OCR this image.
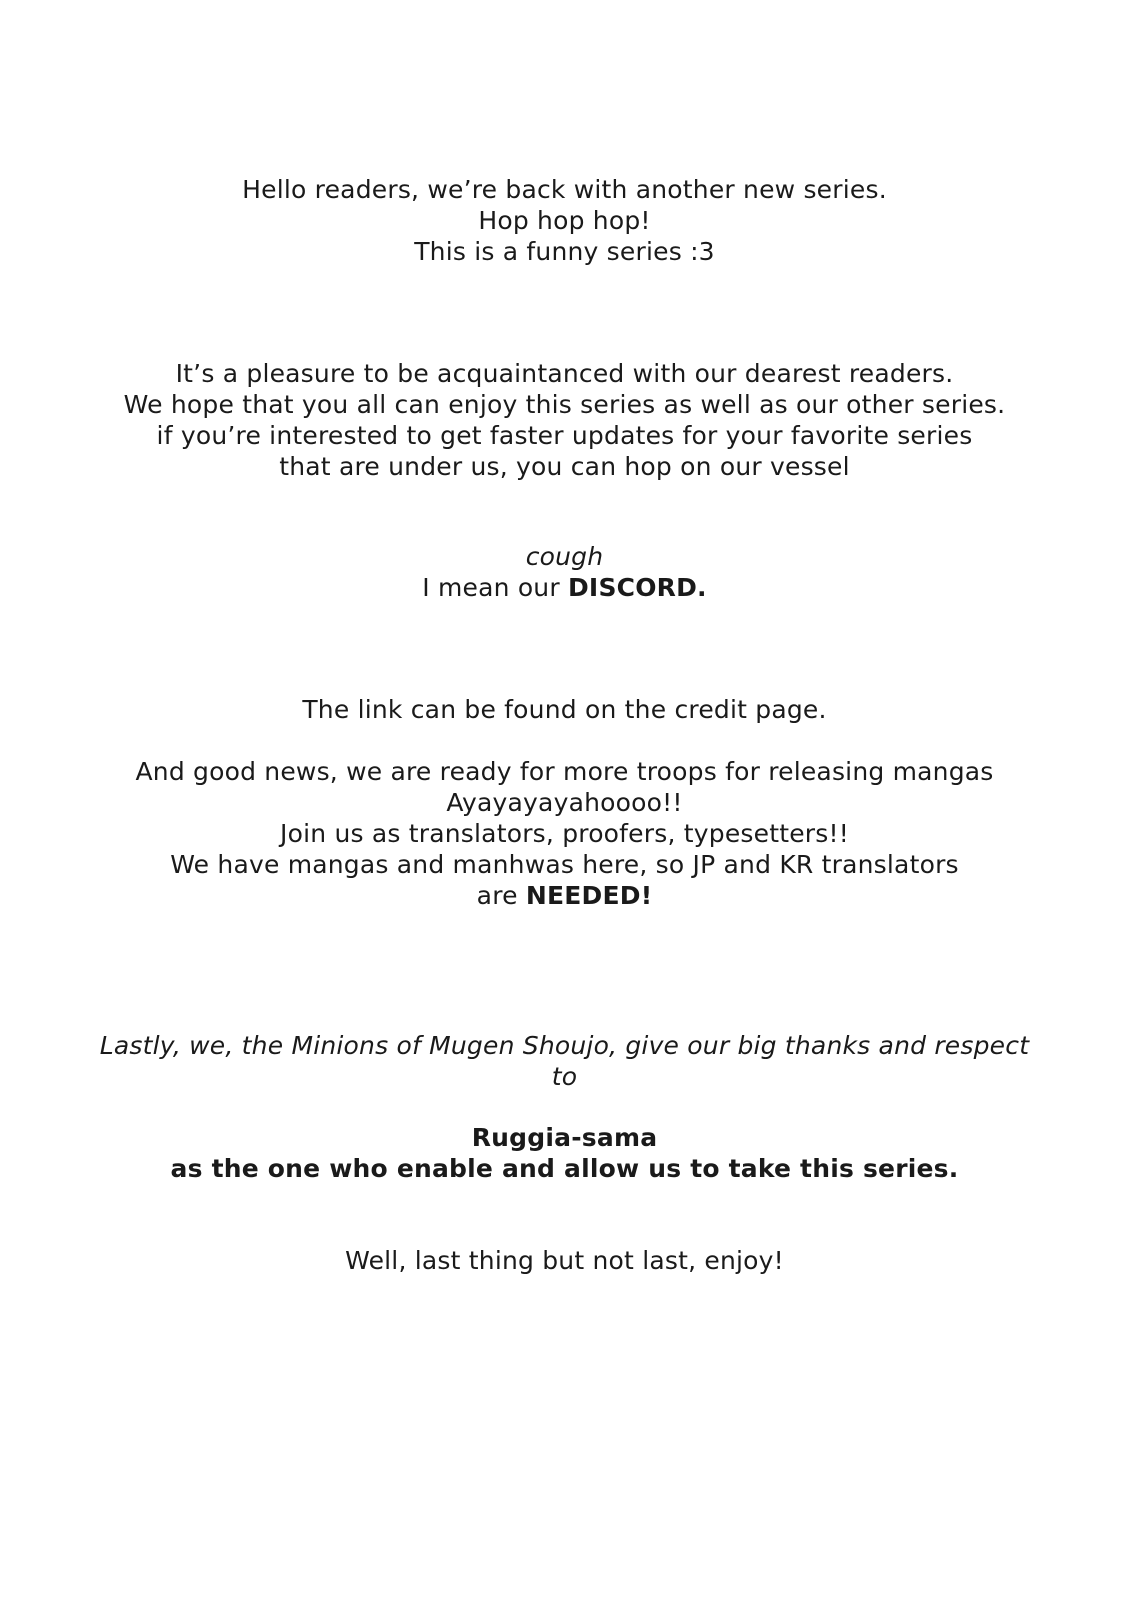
Hello readers, we’re back with another new series.
Hop hop hop!
This is a funny series :3
It’s a pleasure to be acquaintanced with our dearest readers.
We hope that you all can enjoy this series as well as our other series.
if you’re interested to get faster updates for your favorite series
that are under us, you can hop on our vessel
cough
I mean our DISCORD.
The link can be found on the credit page.
And good news, we are ready for more troops for releasing mangas
Ayayayayahoooo!!
Join us as translators, proofers, typesetters!!
We have mangas and manhwas here, so JP and KR translators
are NEEDED!
Lastly, we, the Minions of Mugen Shoujo, give our big thanks and respect
to
Ruggia-sama
as the one who enable and allow us to take this series.
Well, last thing but not last, enjoy!
